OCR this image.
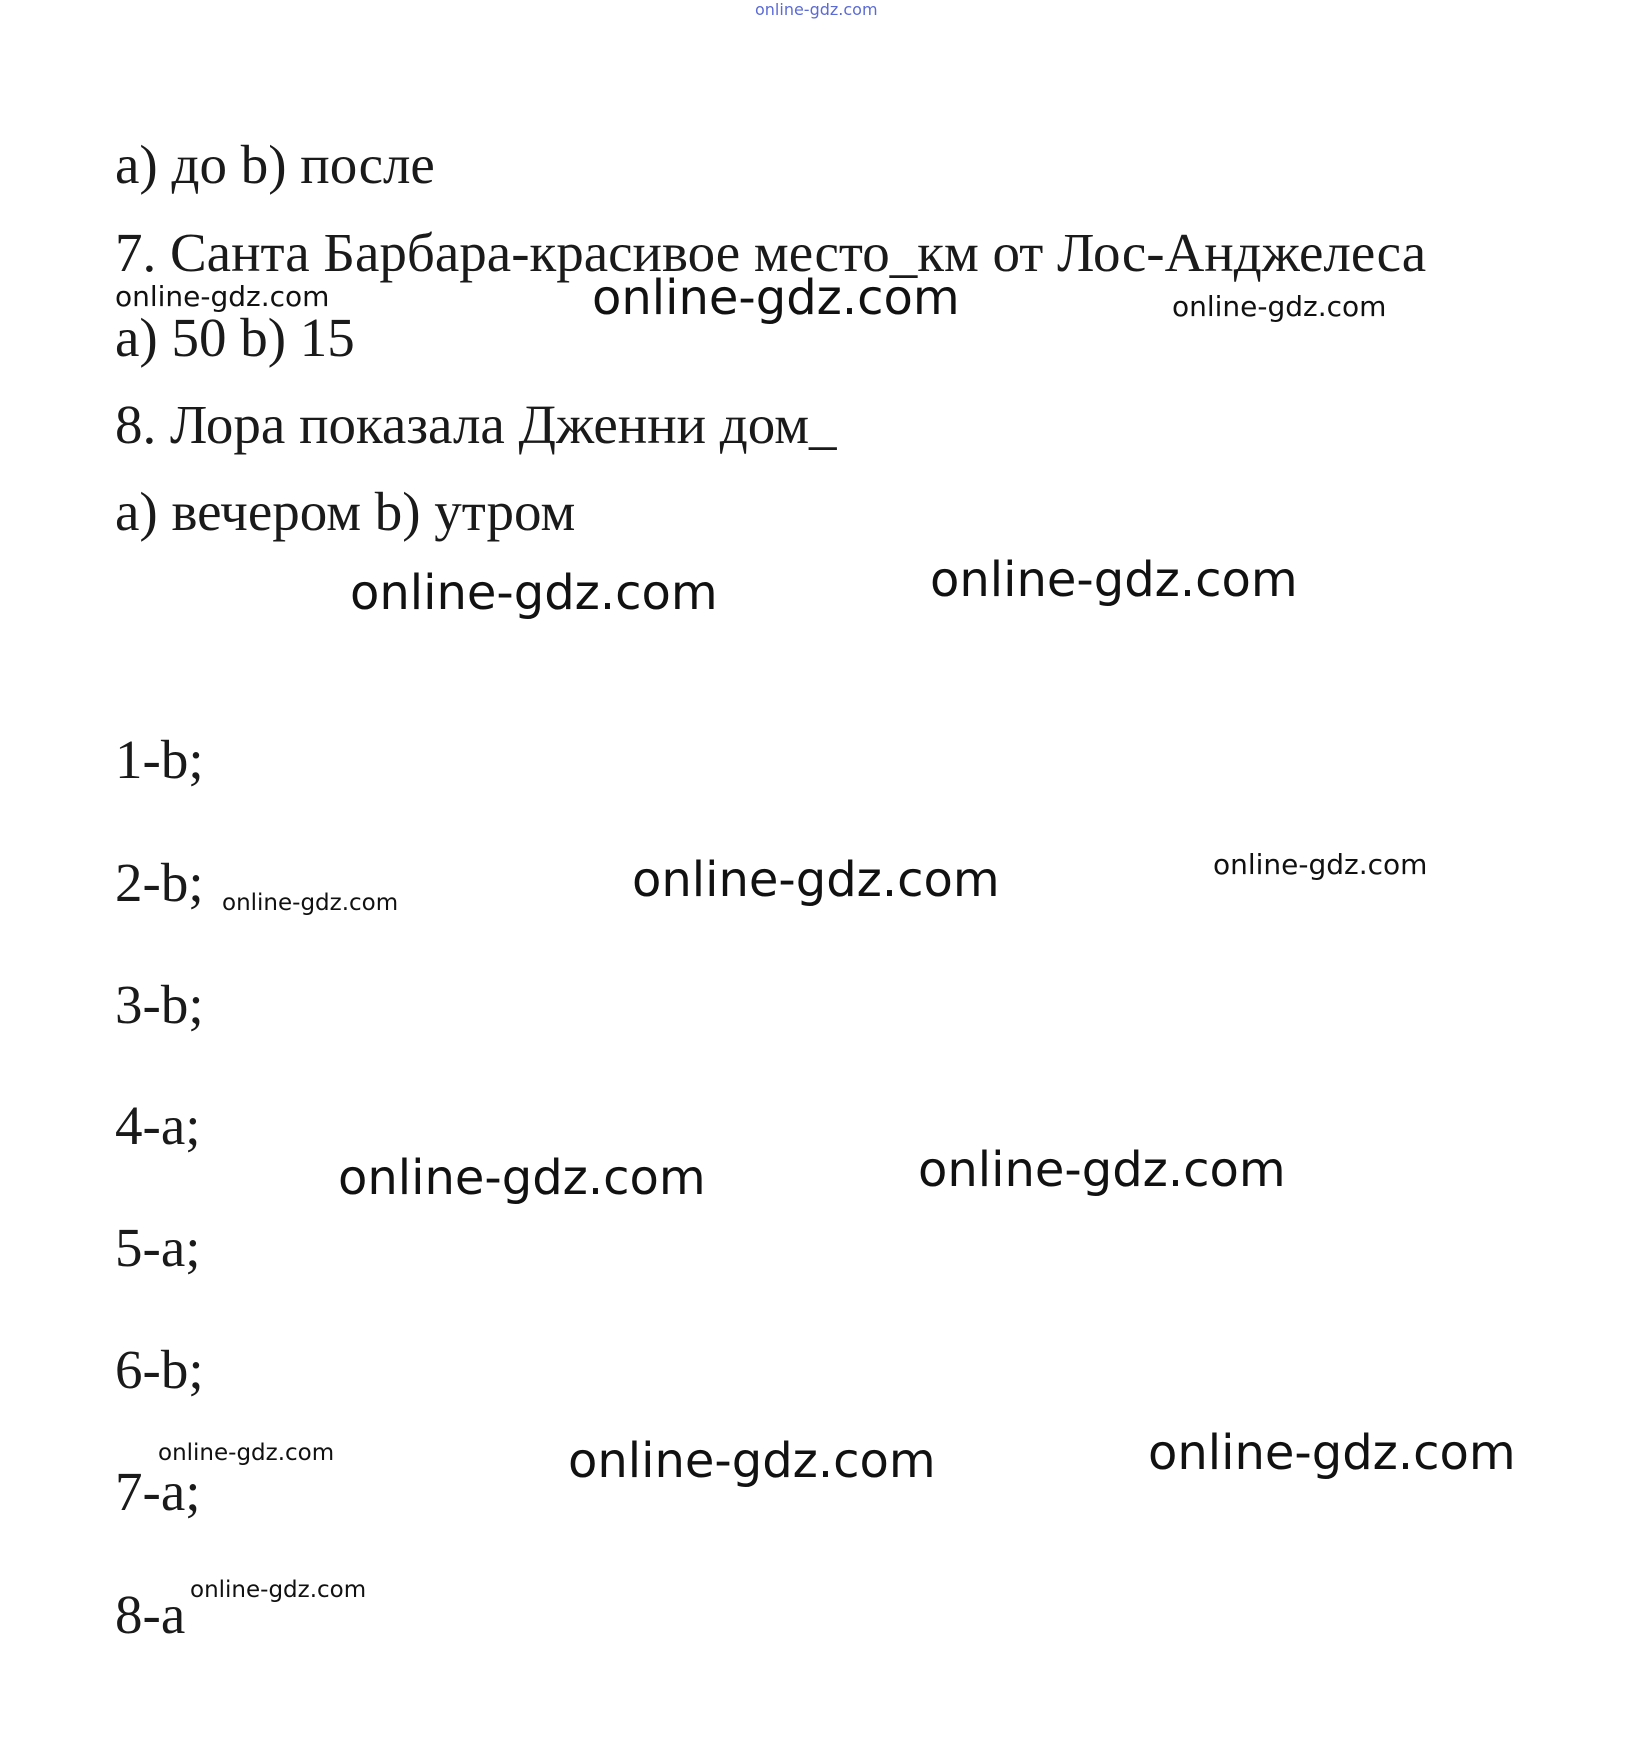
online-gdz.com
a) до b) после
7. Санта Барбара-красивое место_км от Лос-Анджелеса
a) 50 b) 15
8. Лора показала Дженни дом_
a) вечером b) утром
1-b;
2-b;
3-b;
4-a;
5-a;
6-b;
7-a;
8-a
online-gdz.com	online-gdz.com	online-gdz.com
online-gdz.com	online-gdz.com
online-gdz.com	online-gdz.com	online-gdz.com
online-gdz.com	online-gdz.com
online-gdz.com	online-gdz.com	online-gdz.com
online-gdz.com
